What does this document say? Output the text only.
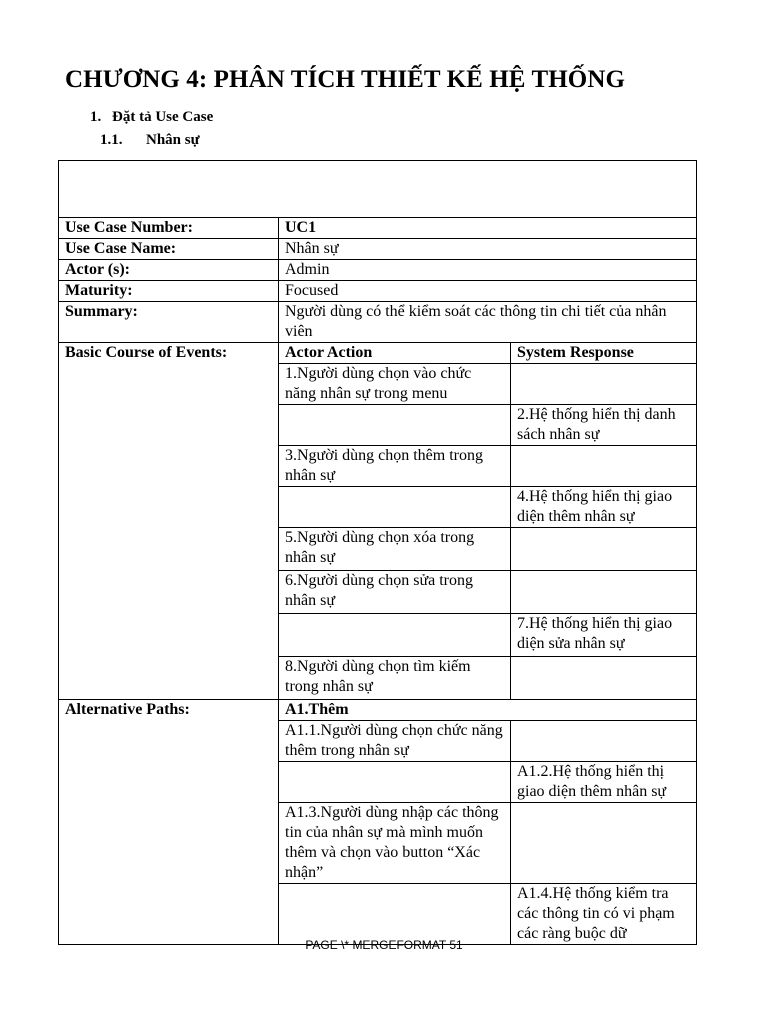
CHƯƠNG 4: PHÂN TÍCH THIẾT KẾ HỆ THỐNG
1. Đặt tả Use Case
1.1. Nhân sự

Use Case Number:	UC1	
Use Case Name:	Nhân sự	
Actor (s):	Admin	
Maturity:	Focused	
Summary:	Người dùng có thể kiểm soát các thông tin chi tiết của nhân viên	
Basic Course of Events:	Actor Action	System Response
	1.Người dùng chọn vào chức năng nhân sự trong menu	
		2.Hệ thống hiển thị danh sách nhân sự
	3.Người dùng chọn thêm trong nhân sự	
		4.Hệ thống hiển thị giao diện thêm nhân sự
	5.Người dùng chọn xóa trong nhân sự	
	6.Người dùng chọn sửa trong nhân sự	
		7.Hệ thống hiển thị giao diện sửa nhân sự
	8.Người dùng chọn tìm kiếm trong nhân sự	
Alternative Paths:	A1.Thêm	
	A1.1.Người dùng chọn chức năng thêm trong nhân sự	
		A1.2.Hệ thống hiển thị giao diện thêm nhân sự
	A1.3.Người dùng nhập các thông tin của nhân sự mà mình muốn thêm và chọn vào button “Xác nhận”	
		A1.4.Hệ thống kiểm tra các thông tin có vi phạm các ràng buộc dữ
PAGE \* MERGEFORMAT 51
